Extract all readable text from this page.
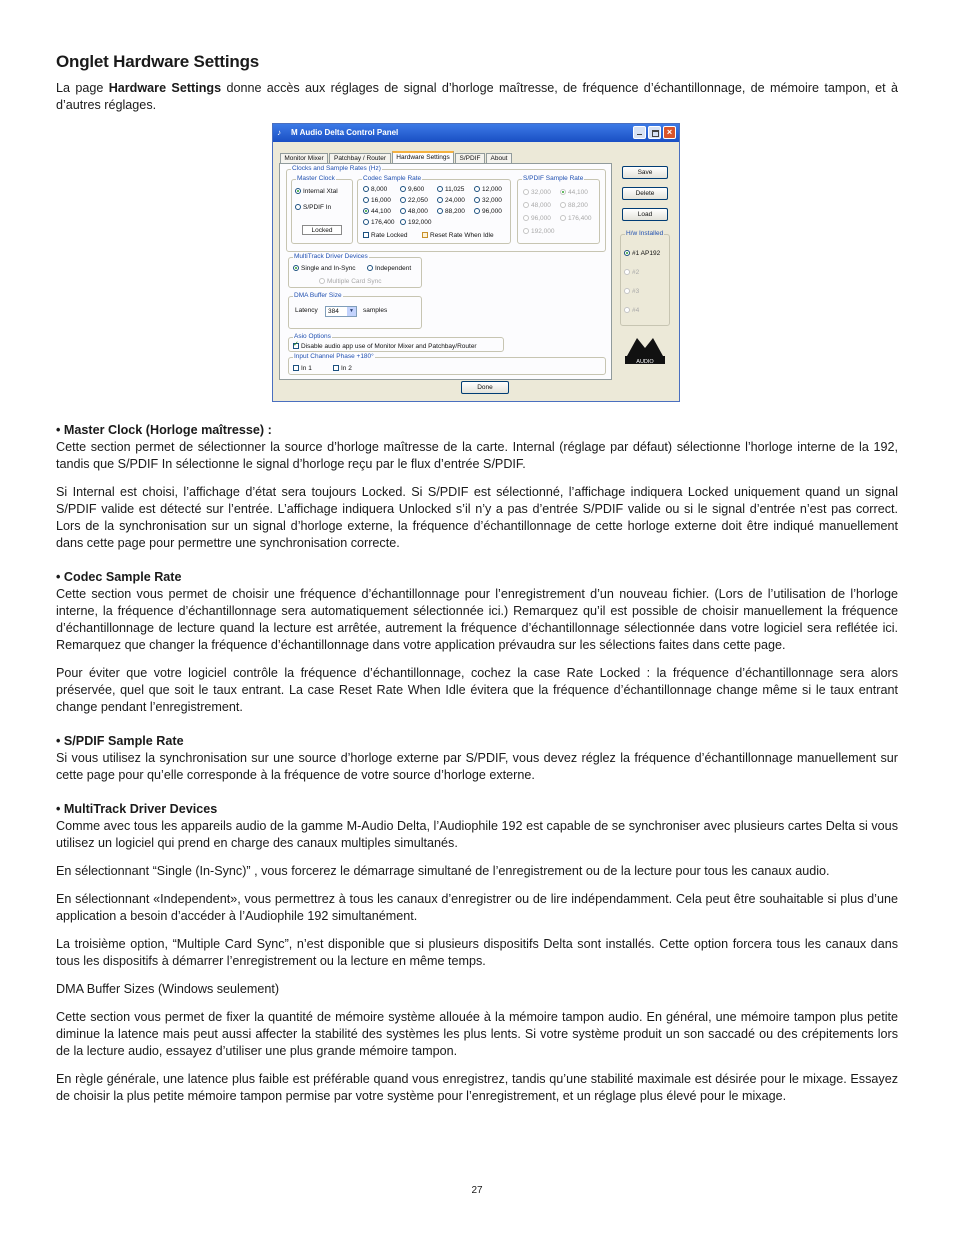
Onglet Hardware Settings

La page Hardware Settings donne accès aux réglages de signal d’horloge maîtresse, de fréquence d’échantillonnage, de mémoire tampon, et à d’autres réglages.

• Master Clock (Horloge maîtresse) :

Cette section permet de sélectionner la source d’horloge maîtresse de la carte. Internal (réglage par défaut) sélectionne l’horloge interne de la 192, tandis que S/PDIF In sélectionne le signal d’horloge reçu par le flux d’entrée S/PDIF.

Si Internal est choisi, l’affichage d’état sera toujours Locked. Si S/PDIF est sélectionné, l’affichage indiquera Locked uniquement quand un signal S/PDIF valide est détecté sur l’entrée. L’affichage indiquera Unlocked s’il n’y a pas d’entrée S/PDIF valide ou si le signal d’entrée n’est pas correct. Lors de la synchronisation sur un signal d’horloge externe, la fréquence d’échantillonnage de cette horloge externe doit être indiqué manuellement dans cette page pour permettre une synchronisation correcte.

• Codec Sample Rate

Cette section vous permet de choisir une fréquence d’échantillonnage pour l’enregistrement d’un nouveau fichier. (Lors de l’utilisation de l’horloge interne, la fréquence d’échantillonnage sera automatiquement sélectionnée ici.) Remarquez qu’il est possible de choisir manuellement la fréquence d’échantillonnage de lecture quand la lecture est arrêtée, autrement la fréquence d’échantillonnage sélectionnée dans votre logiciel sera reflétée ici. Remarquez que changer la fréquence d’échantillonnage dans votre application prévaudra sur les sélections faites dans cette page.

Pour éviter que votre logiciel contrôle la fréquence d’échantillonnage, cochez la case Rate Locked : la fréquence d’échantillonnage sera alors préservée, quel que soit le taux entrant. La case Reset Rate When Idle évitera que la fréquence d’échantillonnage change même si le taux entrant change pendant l’enregistrement.

• S/PDIF Sample Rate

Si vous utilisez la synchronisation sur une source d’horloge externe par S/PDIF, vous devez réglez la fréquence d’échantillonnage manuellement sur cette page pour qu’elle corresponde à la fréquence de votre source d’horloge externe.

• MultiTrack Driver Devices

Comme avec tous les appareils audio de la gamme M-Audio Delta, l’Audiophile 192 est capable de se synchroniser avec plusieurs cartes Delta si vous utilisez un logiciel qui prend en charge des canaux multiples simultanés.

En sélectionnant “Single (In-Sync)” , vous forcerez le démarrage simultané de l’enregistrement ou de la lecture pour tous les canaux audio.

En sélectionnant «Independent», vous permettrez à tous les canaux d’enregistrer ou de lire indépendamment. Cela peut être souhaitable si plus d’une application a besoin d’accéder à l’Audiophile 192 simultanément.

La troisième option, “Multiple Card Sync”, n’est disponible que si plusieurs dispositifs Delta sont installés. Cette option forcera tous les canaux dans tous les dispositifs à démarrer l’enregistrement ou la lecture en même temps.

DMA Buffer Sizes (Windows seulement)

Cette section vous permet de fixer la quantité de mémoire système allouée à la mémoire tampon audio. En général, une mémoire tampon plus petite diminue la latence mais peut aussi affecter la stabilité des systèmes les plus lents. Si votre système produit un son saccadé ou des crépitements lors de la lecture audio, essayez d’utiliser une plus grande mémoire tampon.

En règle générale, une latence plus faible est préférable quand vous enregistrez, tandis qu’une stabilité maximale est désirée pour le mixage. Essayez de choisir la plus petite mémoire tampon permise par votre système pour l’enregistrement, et un réglage plus élevé pour le mixage.

27
♪	M Audio Delta Control Panel	×
Monitor Mixer	Patchbay / Router	Hardware Settings	S/PDIF	About
Clocks and Sample Rates (Hz)
Master Clock
Internal Xtal
S/PDIF In
Locked
Codec Sample Rate
8,000	9,600	11,025	12,000
16,000	22,050	24,000	32,000
44,100	48,000	88,200	96,000
176,400	192,000
Rate Locked	Reset Rate When Idle
S/PDIF Sample Rate
32,000	44,100
48,000	88,200
96,000	176,400
192,000
MultiTrack Driver Devices
Single and In-Sync	Independent
Multiple Card Sync
DMA Buffer Size
Latency	384	▼	samples
Asio Options
✓Disable audio app use of Monitor Mixer and Patchbay/Router
Input Channel Phase +180°
In 1	In 2
Save
Delete
Load
H/w Installed
#1 AP192
#2
#3
#4
AUDIO
Done
